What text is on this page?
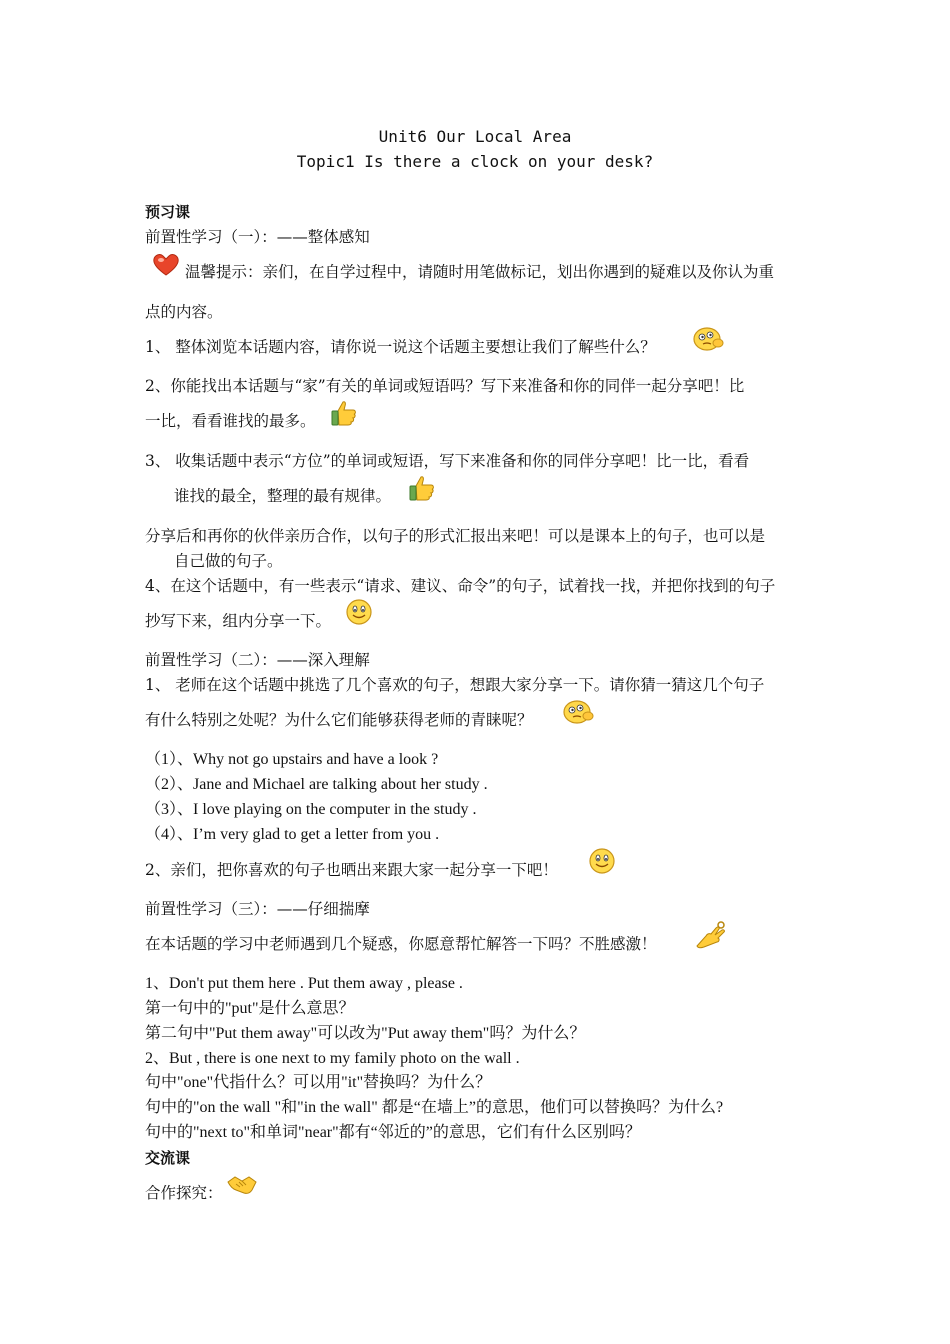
Unit6 Our Local Area
Topic1 Is there a clock on your desk?
预习课
前置性学习（一）：——整体感知
温馨提示：亲们，在自学过程中，请随时用笔做标记，划出你遇到的疑难以及你认为重
点的内容。
1、 整体浏览本话题内容，请你说一说这个话题主要想让我们了解些什么？
2、你能找出本话题与“家”有关的单词或短语吗？写下来准备和你的同伴一起分享吧！比
一比，看看谁找的最多。
3、 收集话题中表示“方位”的单词或短语，写下来准备和你的同伴分享吧！比一比，看看
谁找的最全，整理的最有规律。
分享后和再你的伙伴亲历合作，以句子的形式汇报出来吧！可以是课本上的句子，也可以是
自己做的句子。
4、在这个话题中，有一些表示“请求、建议、命令”的句子，试着找一找，并把你找到的句子
抄写下来，组内分享一下。
前置性学习（二）：——深入理解
1、 老师在这个话题中挑选了几个喜欢的句子，想跟大家分享一下。请你猜一猜这几个句子
有什么特别之处呢？为什么它们能够获得老师的青睐呢？
（1）、Why not go upstairs and have a look ?
（2）、Jane and Michael are talking about her study .
（3）、I love playing on the computer in the study .
（4）、I’m very glad to get a letter from you .
2、亲们，把你喜欢的句子也晒出来跟大家一起分享一下吧！
前置性学习（三）：——仔细揣摩
在本话题的学习中老师遇到几个疑惑，你愿意帮忙解答一下吗？不胜感激！
1、Don't put them here . Put them away , please .
第一句中的"put"是什么意思？
第二句中"Put them away"可以改为"Put away them"吗？为什么？
2、But , there is one next to my family photo on the wall .
句中"one"代指什么？可以用"it"替换吗？为什么？
句中的"on the wall "和"in the wall" 都是“在墙上”的意思，他们可以替换吗？为什么?
句中的"next to"和单词"near"都有“邻近的”的意思，它们有什么区别吗？
交流课
合作探究：
